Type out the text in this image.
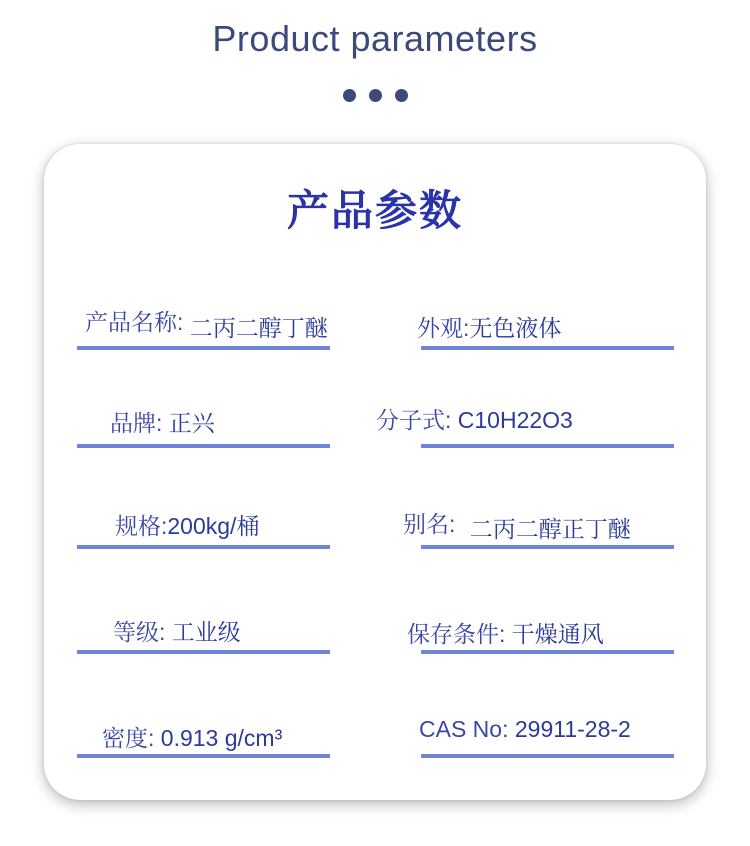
Product parameters
产品参数
产品名称: 二丙二醇丁醚	外观:无色液体
品牌: 正兴	分子式: C10H22O3
规格:200kg/桶	别名: 二丙二醇正丁醚
等级: 工业级	保存条件: 干燥通风
密度: 0.913 g/cm³	CAS No: 29911-28-2
